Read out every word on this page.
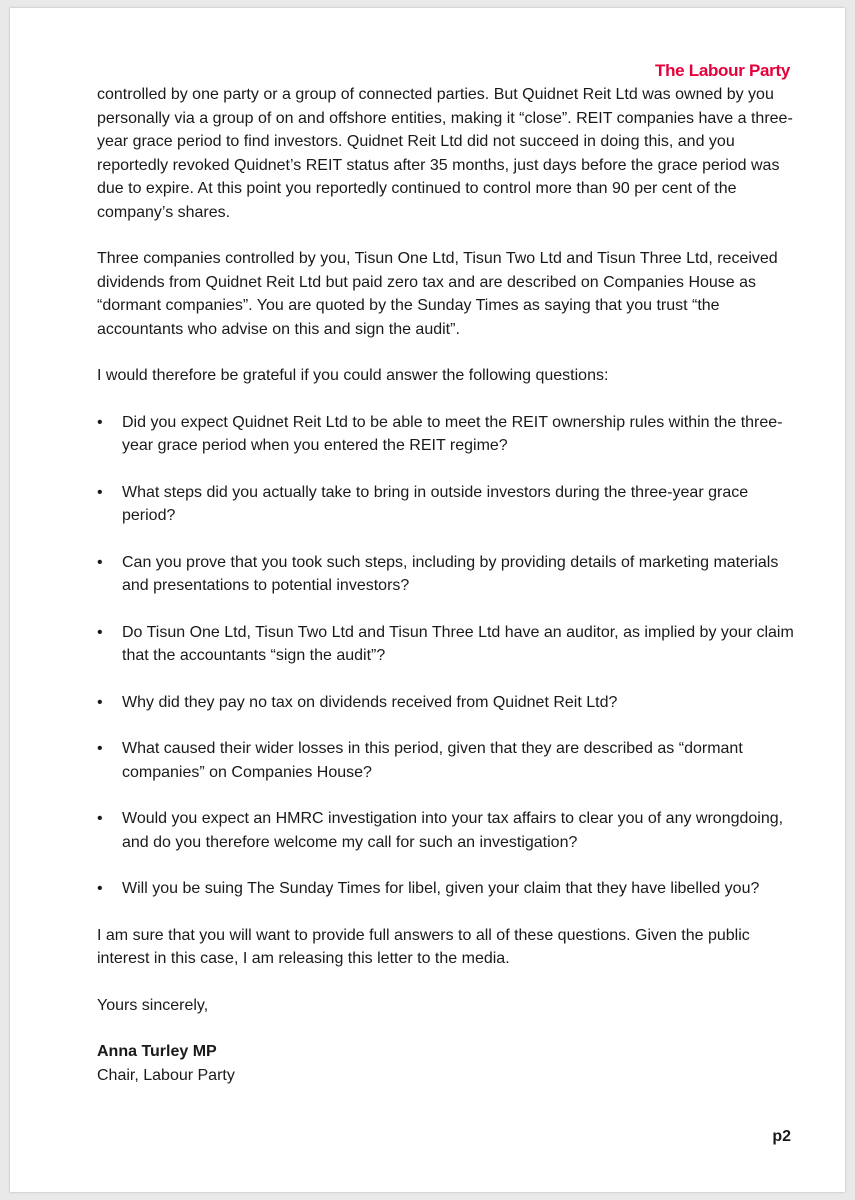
The Labour Party

controlled by one party or a group of connected parties. But Quidnet Reit Ltd was owned by you personally via a group of on and offshore entities, making it “close”. REIT companies have a three-year grace period to find investors. Quidnet Reit Ltd did not succeed in doing this, and you reportedly revoked Quidnet’s REIT status after 35 months, just days before the grace period was due to expire. At this point you reportedly continued to control more than 90 per cent of the company’s shares.

Three companies controlled by you, Tisun One Ltd, Tisun Two Ltd and Tisun Three Ltd, received dividends from Quidnet Reit Ltd but paid zero tax and are described on Companies House as “dormant companies”. You are quoted by the Sunday Times as saying that you trust “the accountants who advise on this and sign the audit”.

I would therefore be grateful if you could answer the following questions:

• Did you expect Quidnet Reit Ltd to be able to meet the REIT ownership rules within the three-year grace period when you entered the REIT regime?
• What steps did you actually take to bring in outside investors during the three-year grace period?
• Can you prove that you took such steps, including by providing details of marketing materials and presentations to potential investors?
• Do Tisun One Ltd, Tisun Two Ltd and Tisun Three Ltd have an auditor, as implied by your claim that the accountants “sign the audit”?
• Why did they pay no tax on dividends received from Quidnet Reit Ltd?
• What caused their wider losses in this period, given that they are described as “dormant companies” on Companies House?
• Would you expect an HMRC investigation into your tax affairs to clear you of any wrongdoing, and do you therefore welcome my call for such an investigation?
• Will you be suing The Sunday Times for libel, given your claim that they have libelled you?

I am sure that you will want to provide full answers to all of these questions. Given the public interest in this case, I am releasing this letter to the media.

Yours sincerely,

Anna Turley MP
Chair, Labour Party
p2
